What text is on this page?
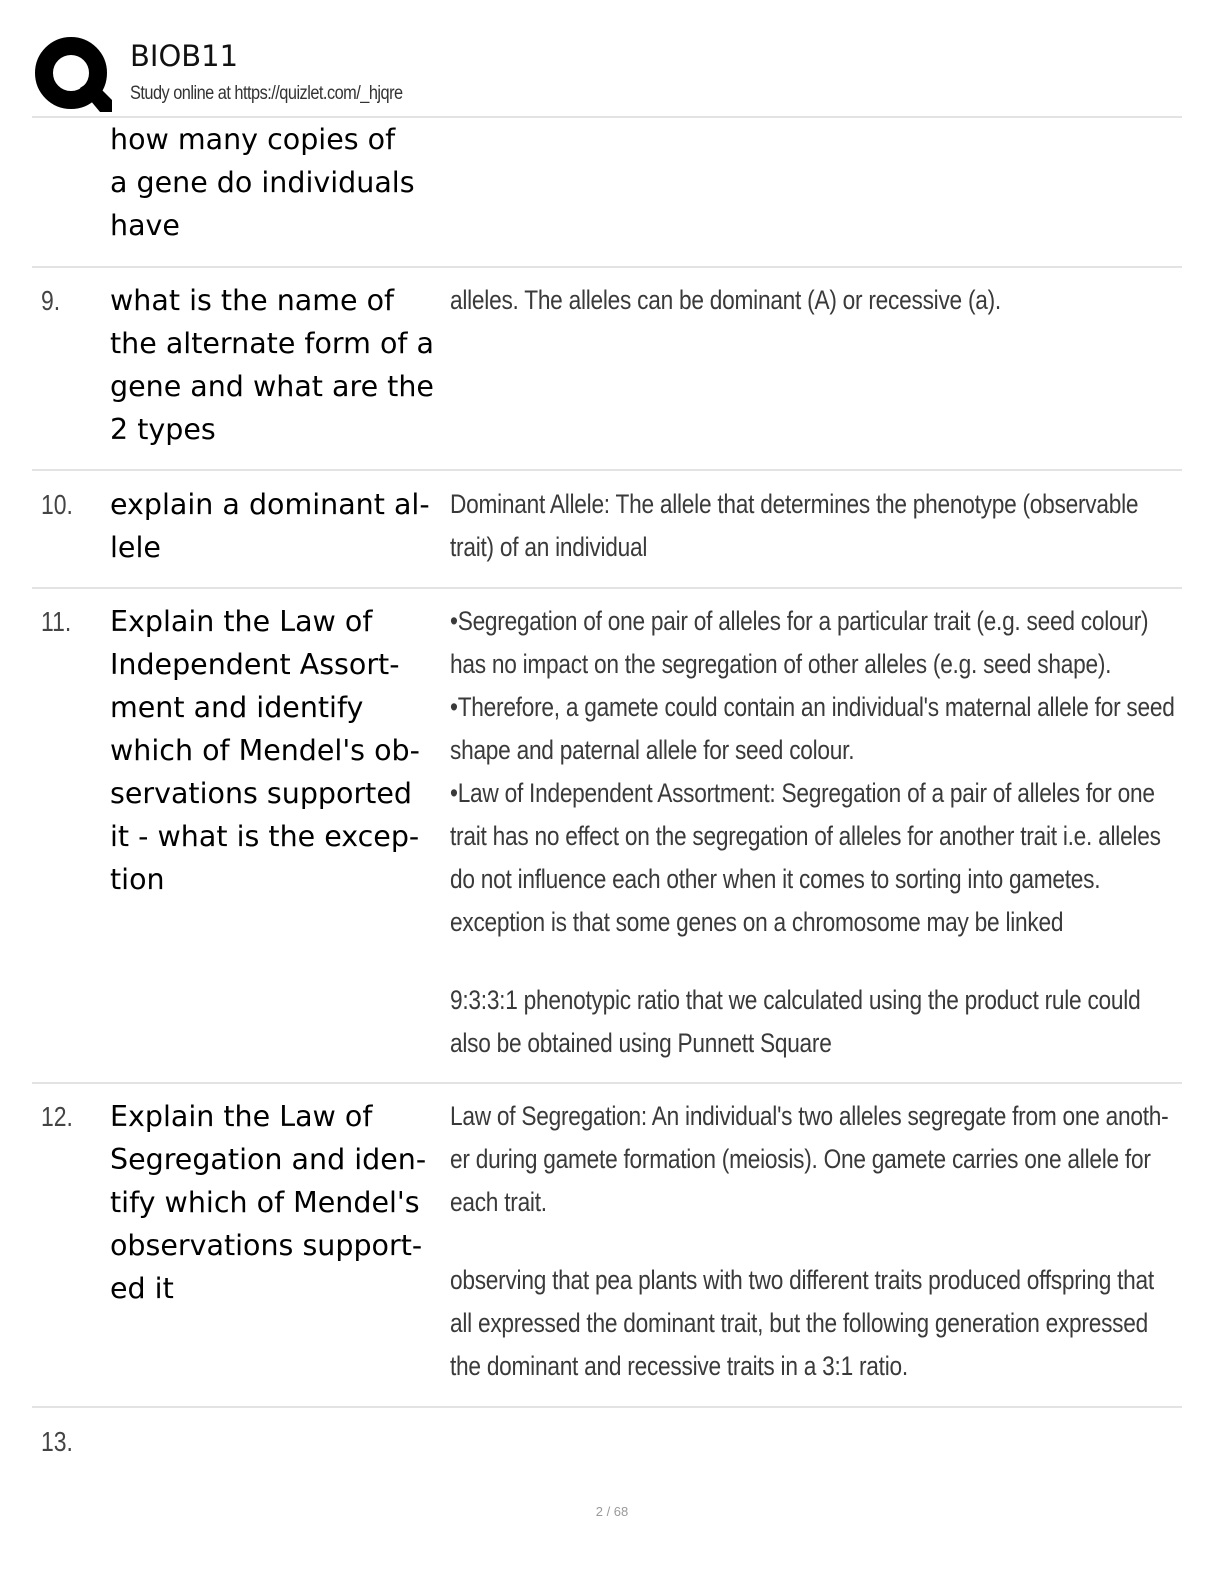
BIOB11
Study online at https://quizlet.com/_hjqre
how many copies of
a gene do individuals
have
9. what is the name of
the alternate form of a
gene and what are the
2 types
alleles. The alleles can be dominant (A) or recessive (a).
10. explain a dominant al-
lele
Dominant Allele: The allele that determines the phenotype (observable
trait) of an individual
11. Explain the Law of
Independent Assort-
ment and identify
which of Mendel's ob-
servations supported
it - what is the excep-
tion
•Segregation of one pair of alleles for a particular trait (e.g. seed colour)
has no impact on the segregation of other alleles (e.g. seed shape).
•Therefore, a gamete could contain an individual's maternal allele for seed
shape and paternal allele for seed colour.
•Law of Independent Assortment: Segregation of a pair of alleles for one
trait has no effect on the segregation of alleles for another trait i.e. alleles
do not influence each other when it comes to sorting into gametes.
exception is that some genes on a chromosome may be linked
9:3:3:1 phenotypic ratio that we calculated using the product rule could
also be obtained using Punnett Square
12. Explain the Law of
Segregation and iden-
tify which of Mendel's
observations support-
ed it
Law of Segregation: An individual's two alleles segregate from one anoth-
er during gamete formation (meiosis). One gamete carries one allele for
each trait.
observing that pea plants with two different traits produced offspring that
all expressed the dominant trait, but the following generation expressed
the dominant and recessive traits in a 3:1 ratio.
13.
2 / 68
